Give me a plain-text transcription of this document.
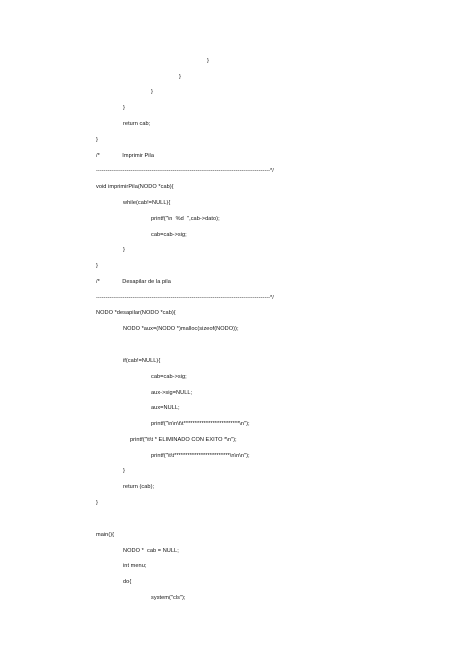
}
}
}
}
return cab;
}
/*              Imprimir Pila
-------------------------------------------------------------------------------------------*/
void imprimirPila(NODO *cab){
while(cab!=NULL){
printf("\n  %d  ",cab->dato);
cab=cab->sig;
}
}
/*              Desapilar de la pila
-------------------------------------------------------------------------------------------*/
NODO *desapilar(NODO *cab){
NODO *aux=(NODO *)malloc(sizeof(NODO));
if(cab!=NULL){
cab=cab->sig;
aux->sig=NULL;
aux=NULL;
printf("\n\n\t\t*************************\n");
printf("\t\t * ELIMINADO CON EXITO *\n");
printf("\t\t*************************\n\n\n");
}
return (cab);
}
main(){
NODO *  cab = NULL;
int menu;
do{
system("cls");
